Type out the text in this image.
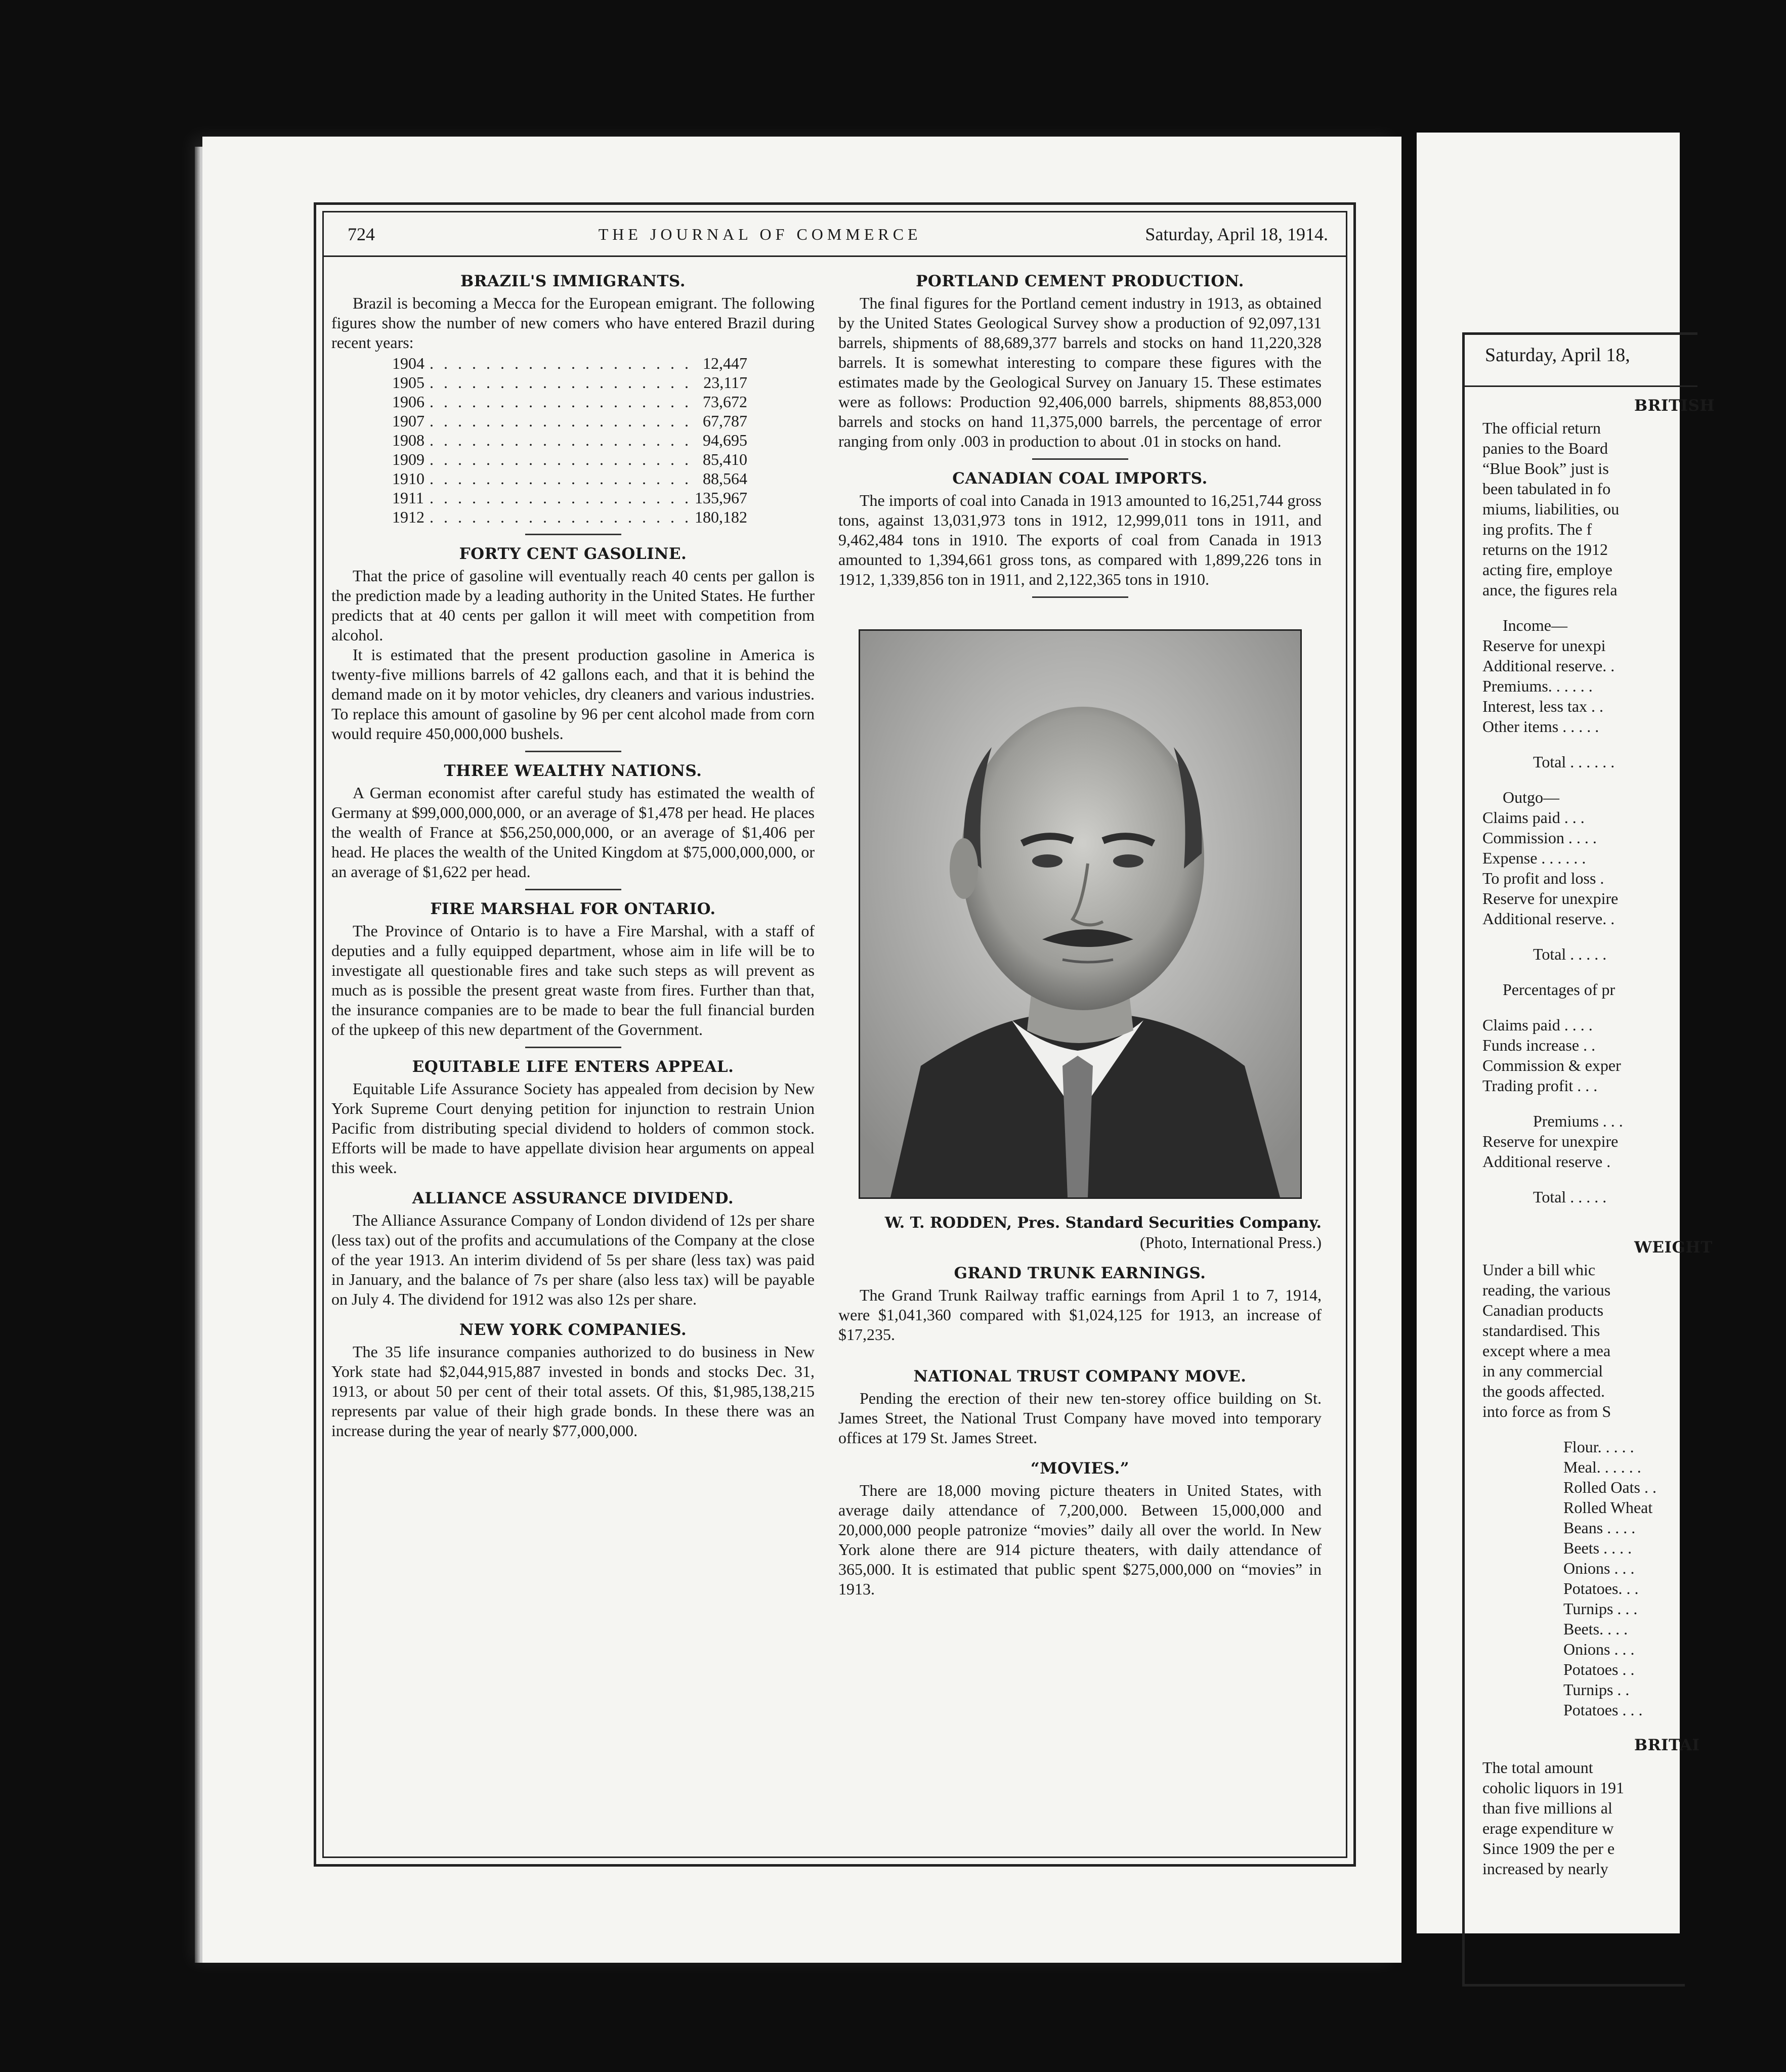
724	THE JOURNAL OF COMMERCE	Saturday, April 18, 1914.
BRAZIL'S IMMIGRANTS.

Brazil is becoming a Mecca for the European emigrant. The following figures show the number of new comers who have entered Brazil during recent years:

1904	. . . . . . . . . . . . . . . . . . .	12,447
1905	. . . . . . . . . . . . . . . . . . .	23,117
1906	. . . . . . . . . . . . . . . . . . .	73,672
1907	. . . . . . . . . . . . . . . . . . .	67,787
1908	. . . . . . . . . . . . . . . . . . .	94,695
1909	. . . . . . . . . . . . . . . . . . .	85,410
1910	. . . . . . . . . . . . . . . . . . .	88,564
1911	. . . . . . . . . . . . . . . . . . .	135,967
1912	. . . . . . . . . . . . . . . . . . .	180,182
FORTY CENT GASOLINE.

That the price of gasoline will eventually reach 40 cents per gallon is the prediction made by a leading authority in the United States. He further predicts that at 40 cents per gallon it will meet with competition from alcohol.

It is estimated that the present production gasoline in America is twenty-five millions barrels of 42 gallons each, and that it is behind the demand made on it by motor vehicles, dry cleaners and various industries. To replace this amount of gasoline by 96 per cent alcohol made from corn would require 450,000,000 bushels.

THREE WEALTHY NATIONS.

A German economist after careful study has estimated the wealth of Germany at $99,000,000,000, or an average of $1,478 per head. He places the wealth of France at $56,250,000,000, or an average of $1,406 per head. He places the wealth of the United Kingdom at $75,000,000,000, or an average of $1,622 per head.

FIRE MARSHAL FOR ONTARIO.

The Province of Ontario is to have a Fire Marshal, with a staff of deputies and a fully equipped department, whose aim in life will be to investigate all questionable fires and take such steps as will prevent as much as is possible the present great waste from fires. Further than that, the insurance companies are to be made to bear the full financial burden of the upkeep of this new department of the Government.

EQUITABLE LIFE ENTERS APPEAL.

Equitable Life Assurance Society has appealed from decision by New York Supreme Court denying petition for injunction to restrain Union Pacific from distributing special dividend to holders of common stock. Efforts will be made to have appellate division hear arguments on appeal this week.

ALLIANCE ASSURANCE DIVIDEND.

The Alliance Assurance Company of London dividend of 12s per share (less tax) out of the profits and accumulations of the Company at the close of the year 1913. An interim dividend of 5s per share (less tax) was paid in January, and the balance of 7s per share (also less tax) will be payable on July 4. The dividend for 1912 was also 12s per share.

NEW YORK COMPANIES.

The 35 life insurance companies authorized to do business in New York state had $2,044,915,887 invested in bonds and stocks Dec. 31, 1913, or about 50 per cent of their total assets. Of this, $1,985,138,215 represents par value of their high grade bonds. In these there was an increase during the year of nearly $77,000,000.

PORTLAND CEMENT PRODUCTION.

The final figures for the Portland cement industry in 1913, as obtained by the United States Geological Survey show a production of 92,097,131 barrels, shipments of 88,689,377 barrels and stocks on hand 11,220,328 barrels. It is somewhat interesting to compare these figures with the estimates made by the Geological Survey on January 15. These estimates were as follows: Production 92,406,000 barrels, shipments 88,853,000 barrels and stocks on hand 11,375,000 barrels, the percentage of error ranging from only .003 in production to about .01 in stocks on hand.

CANADIAN COAL IMPORTS.

The imports of coal into Canada in 1913 amounted to 16,251,744 gross tons, against 13,031,973 tons in 1912, 12,999,011 tons in 1911, and 9,462,484 tons in 1910. The exports of coal from Canada in 1913 amounted to 1,394,661 gross tons, as compared with 1,899,226 tons in 1912, 1,339,856 ton in 1911, and 2,122,365 tons in 1910.

W. T. RODDEN, Pres. Standard Securities Company.
(Photo, International Press.)
GRAND TRUNK EARNINGS.

The Grand Trunk Railway traffic earnings from April 1 to 7, 1914, were $1,041,360 compared with $1,024,125 for 1913, an increase of $17,235.

NATIONAL TRUST COMPANY MOVE.

Pending the erection of their new ten-storey office building on St. James Street, the National Trust Company have moved into temporary offices at 179 St. James Street.

“MOVIES.”

There are 18,000 moving picture theaters in United States, with average daily attendance of 7,200,000. Between 15,000,000 and 20,000,000 people patronize “movies” daily all over the world. In New York alone there are 914 picture theaters, with daily attendance of 365,000. It is estimated that public spent $275,000,000 on “movies” in 1913.

Saturday, April 18,
BRITISH
The official return
panies to the Board
“Blue Book” just is
been tabulated in fo
miums, liabilities, ou
ing profits. The f
returns on the 1912
acting fire, employe
ance, the figures rela
Income—
Reserve for unexpi
Additional reserve. .
Premiums. . . . . .
Interest, less tax . .
Other items . . . . .
Total . . . . . .
Outgo—
Claims paid . . .
Commission . . . .
Expense . . . . . .
To profit and loss .
Reserve for unexpire
Additional reserve. .
Total . . . . .
Percentages of pr
Claims paid . . . .
Funds increase . .
Commission & exper
Trading profit . . .
Premiums . . .
Reserve for unexpire
Additional reserve .
Total . . . . .
WEIGHT
Under a bill whic
reading, the various
Canadian products
standardised. This
except where a mea
in any commercial
the goods affected.
into force as from S
Flour. . . . .
Meal. . . . . .
Rolled Oats . .
Rolled Wheat
Beans . . . .
Beets . . . .
Onions . . .
Potatoes. . .
Turnips . . .
Beets. . . .
Onions . . .
Potatoes . .
Turnips . .
Potatoes . . .
BRITAI
The total amount
coholic liquors in 191
than five millions al
erage expenditure w
Since 1909 the per e
increased by nearly
